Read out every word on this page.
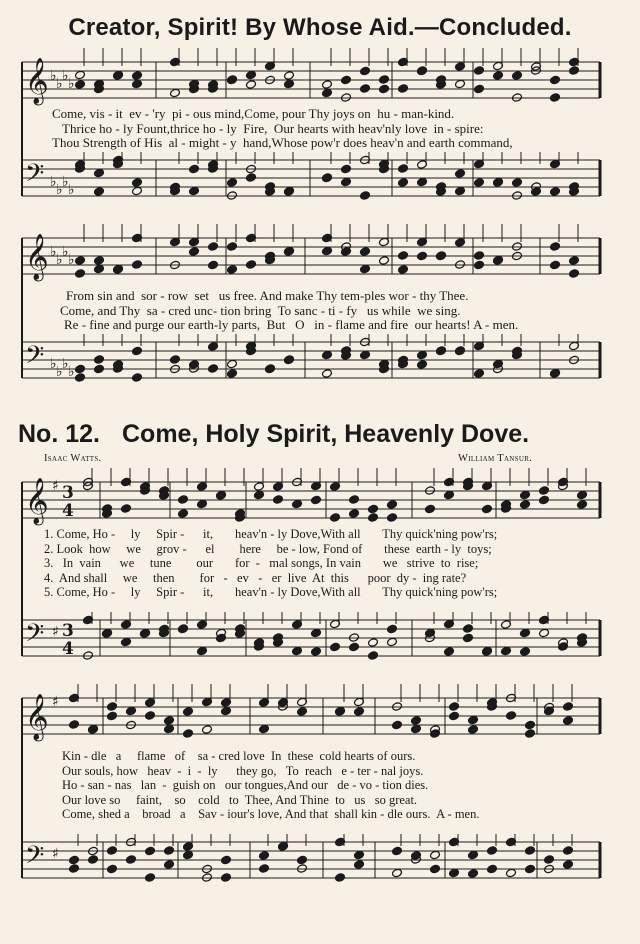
Creator, Spirit! By Whose Aid.—Concluded.
No. 12. Come, Holy Spirit, Heavenly Dove.
Isaac Watts.	William Tansur.
𝄞
𝄢
♭
♭
♭
♭
♭
♭
♭
♭
𝄞
𝄢
♭
♭
♭
♭
♭
♭
♭
♭
𝄞
𝄢
♯
♯
3
4
3
4
𝄞
𝄢
♯
♯
Come, vis - it  ev - 'ry  pi - ous mind,Come, pour Thy joys on  hu - man-kind.
Thrice ho - ly Fount,thrice ho - ly  Fire,  Our hearts with heav'nly love  in - spire:
Thou Strength of His  al - might - y  hand,Whose pow'r does heav'n and earth command,
From sin and  sor - row  set   us free. And make Thy tem-ples wor - thy Thee.
Come, and Thy  sa - cred unc- tion bring  To sanc - ti - fy   us while  we sing.
Re - fine and purge our earth-ly parts,  But   O   in - flame and fire  our hearts! A - men.
1. Come, Ho -     ly     Spir -      it,       heav'n - ly Dove,With all       Thy quick'ning pow'rs;
2. Look  how     we     grov -      el        here     be - low, Fond of       these  earth - ly  toys;
3.   In  vain      we     tune        our       for  -   mal songs, In vain       we   strive  to  rise;
4.  And shall     we     then        for   -   ev   -   er  live  At  this      poor  dy -  ing rate?
5. Come, Ho -     ly     Spir -      it,       heav'n - ly Dove,With all       Thy quick'ning pow'rs;
Kin - dle   a     flame   of    sa - cred love  In  these  cold hearts of ours.
Our souls, how   heav  -  i  -  ly      they go,   To  reach   e - ter - nal joys.
Ho - san - nas   lan  -  guish on   our tongues,And our   de - vo - tion dies.
Our love so     faint,    so    cold   to  Thee, And Thine  to   us   so great.
Come, shed a    broad   a    Sav - iour's love, And that  shall kin - dle ours.  A - men.
